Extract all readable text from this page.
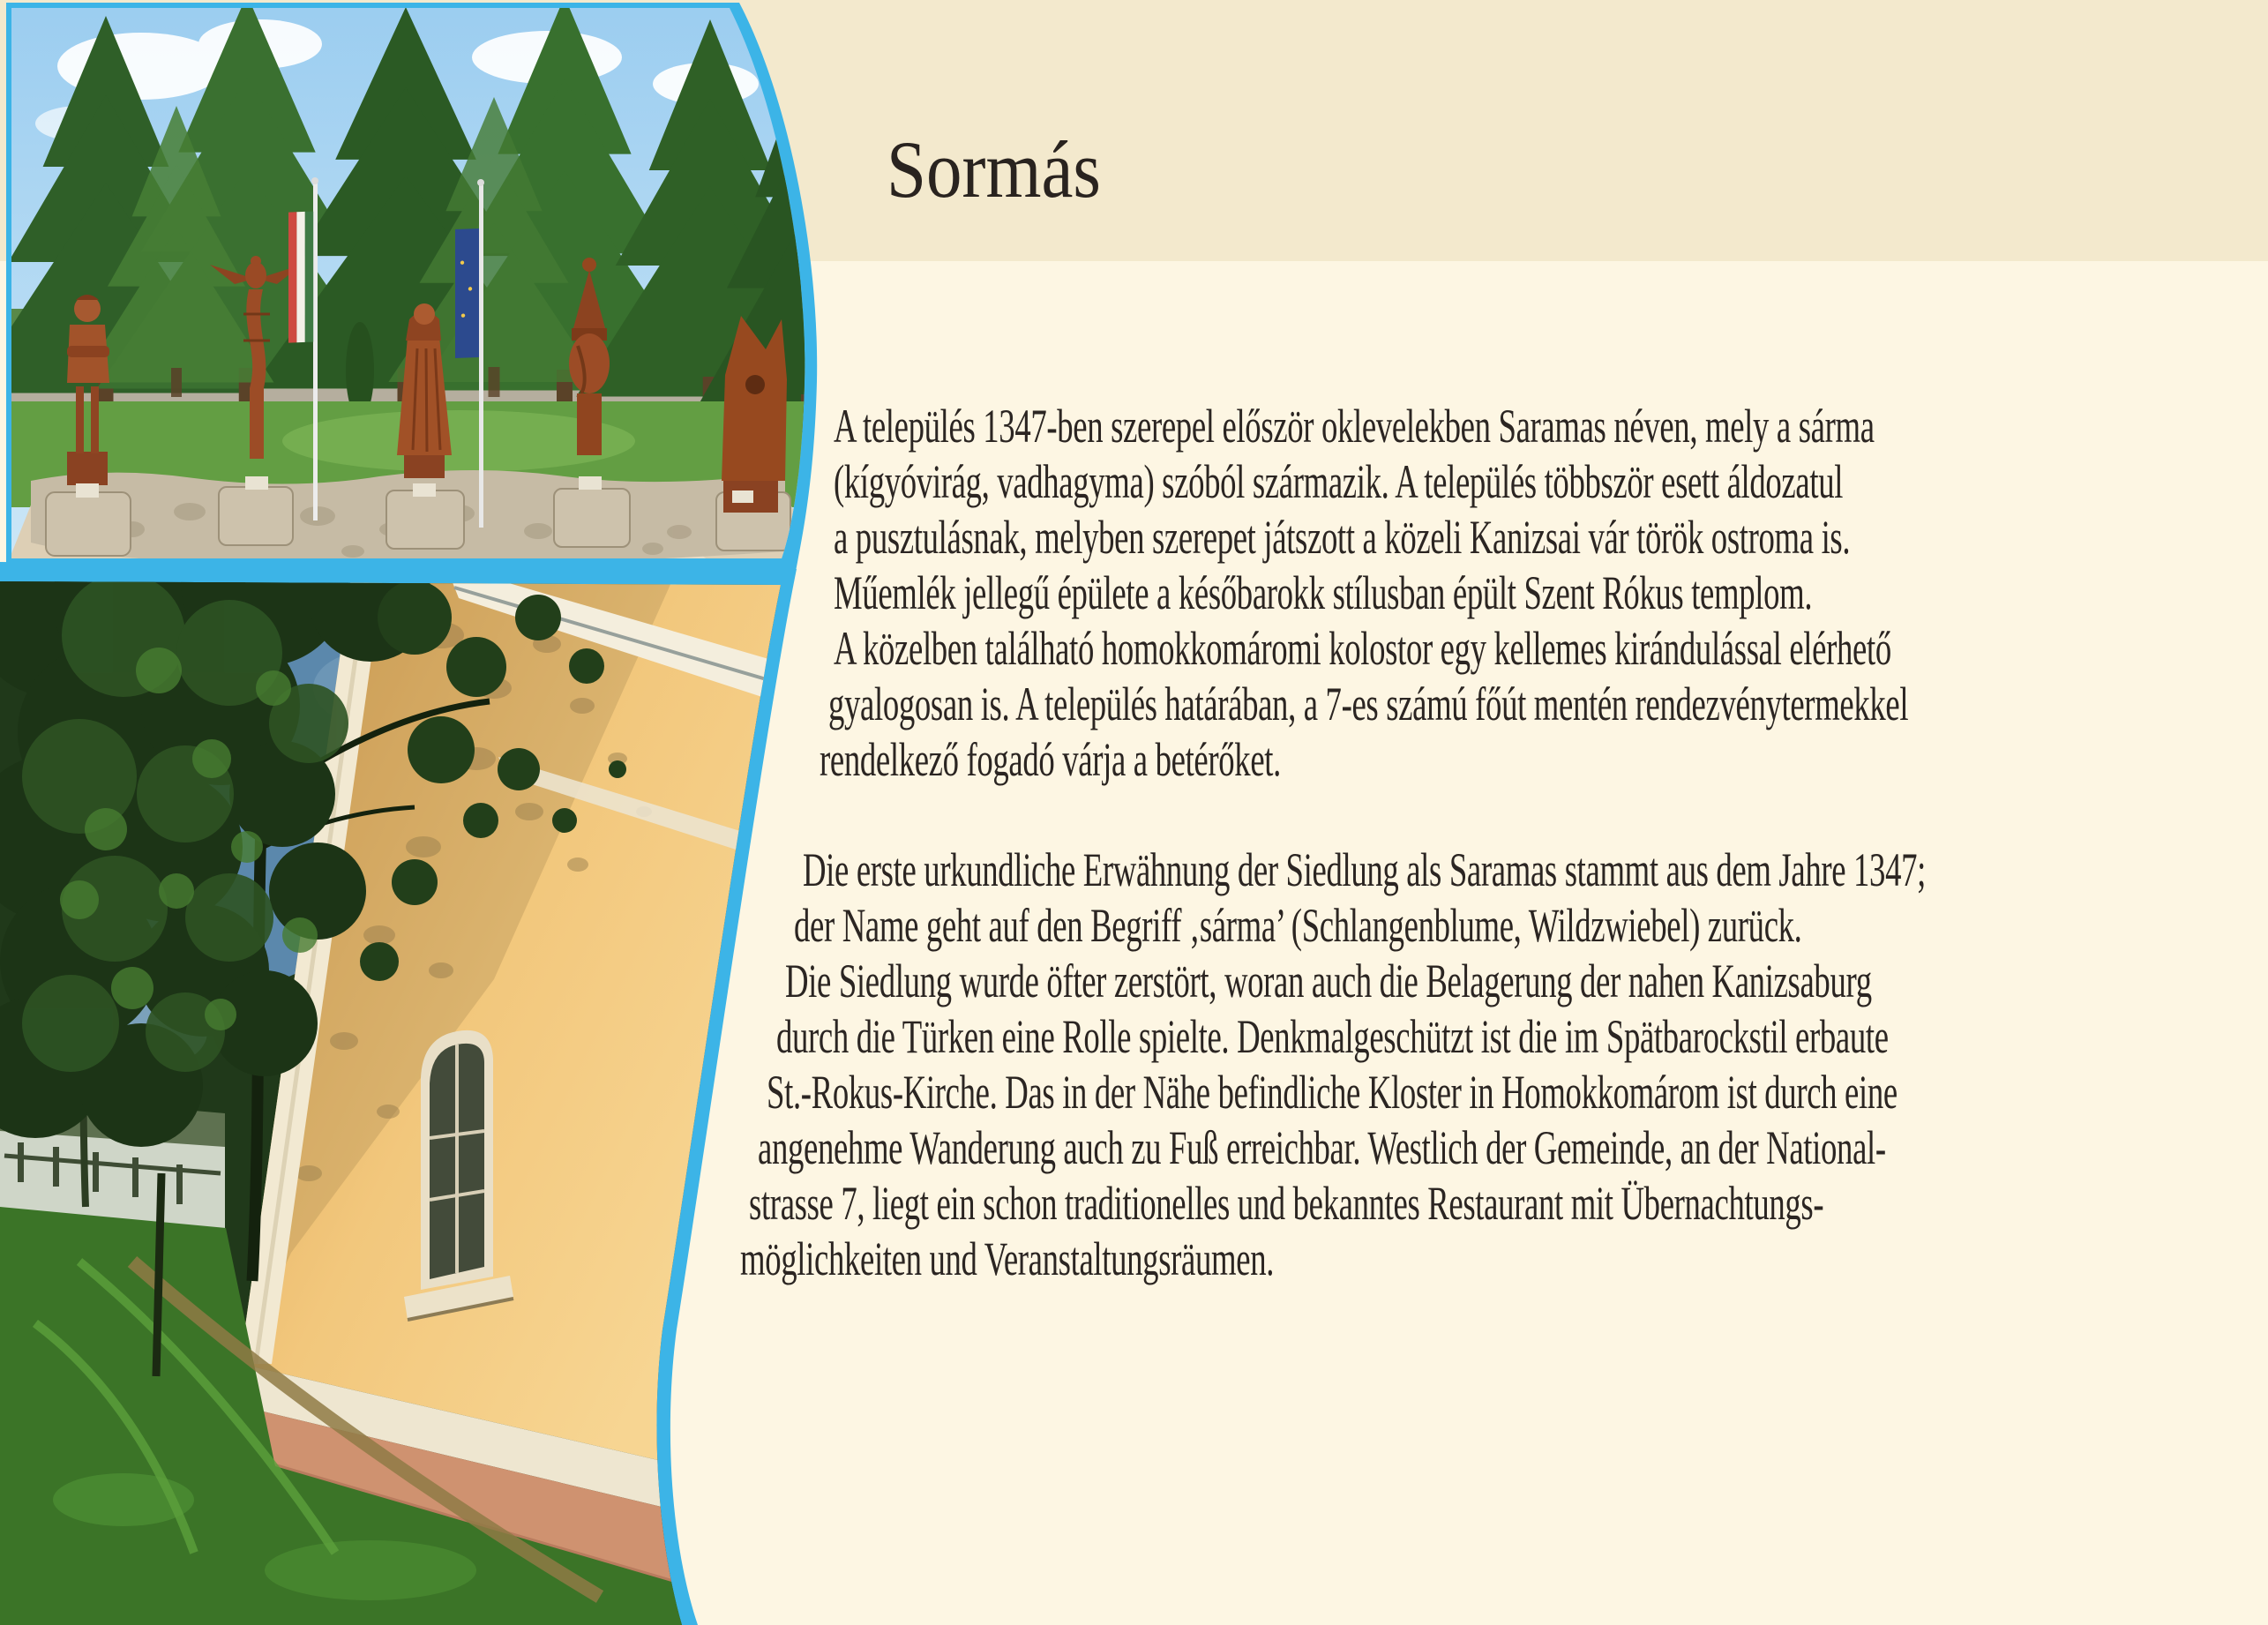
Sormás
A település 1347-ben szerepel először oklevelekben Saramas néven, mely a sárma
(kígyóvirág, vadhagyma) szóból származik. A település többször esett áldozatul
a pusztulásnak, melyben szerepet játszott a közeli Kanizsai vár török ostroma is.
Műemlék jellegű épülete a későbarokk stílusban épült Szent Rókus templom.
A közelben található homokkomáromi kolostor egy kellemes kirándulással elérhető
gyalogosan is. A település határában, a 7-es számú főút mentén rendezvénytermekkel
rendelkező fogadó várja a betérőket.
Die erste urkundliche Erwähnung der Siedlung als Saramas stammt aus dem Jahre 1347;
der Name geht auf den Begriff ‚sárma’ (Schlangenblume, Wildzwiebel) zurück.
Die Siedlung wurde öfter zerstört, woran auch die Belagerung der nahen Kanizsaburg
durch die Türken eine Rolle spielte. Denkmalgeschützt ist die im Spätbarockstil erbaute
St.-Rokus-Kirche. Das in der Nähe befindliche Kloster in Homokkomárom ist durch eine
angenehme Wanderung auch zu Fuß erreichbar. Westlich der Gemeinde, an der National-
strasse 7, liegt ein schon traditionelles und bekanntes Restaurant mit Übernachtungs-
möglichkeiten und Veranstaltungsräumen.
